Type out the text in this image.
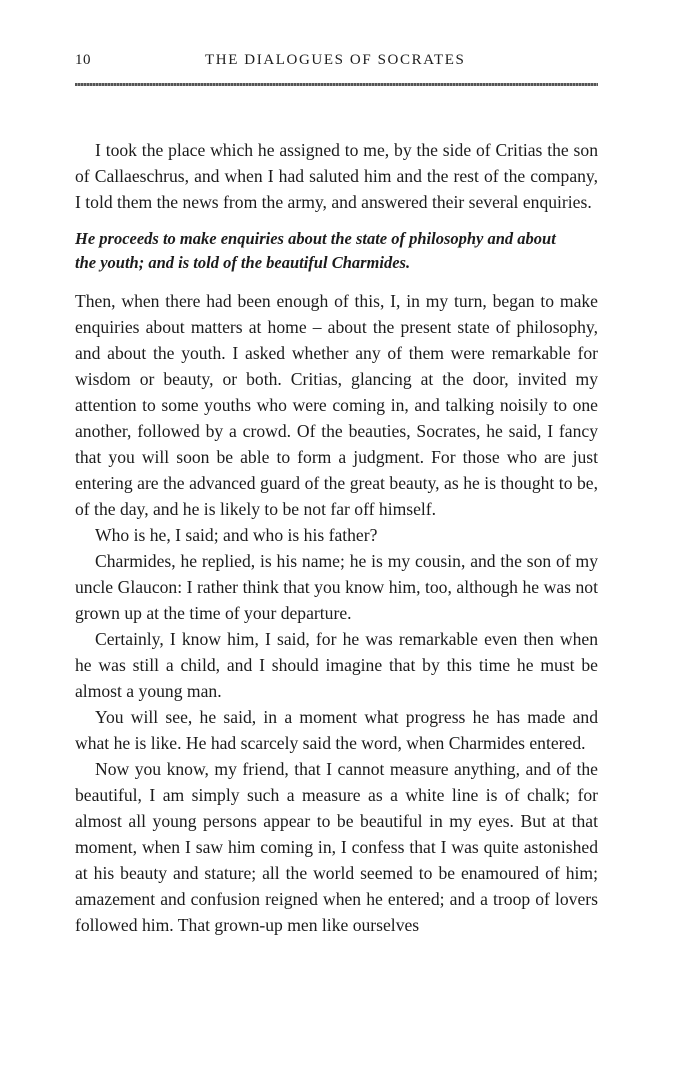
10	THE DIALOGUES OF SOCRATES

I took the place which he assigned to me, by the side of Critias the son of Callaeschrus, and when I had saluted him and the rest of the company, I told them the news from the army, and answered their several enquiries.

He proceeds to make enquiries about the state of philosophy and about the youth; and is told of the beautiful Charmides.

Then, when there had been enough of this, I, in my turn, began to make enquiries about matters at home – about the present state of philosophy, and about the youth. I asked whether any of them were remarkable for wisdom or beauty, or both. Critias, glancing at the door, invited my attention to some youths who were coming in, and talking noisily to one another, followed by a crowd. Of the beauties, Socrates, he said, I fancy that you will soon be able to form a judgment. For those who are just entering are the advanced guard of the great beauty, as he is thought to be, of the day, and he is likely to be not far off himself.

Who is he, I said; and who is his father?

Charmides, he replied, is his name; he is my cousin, and the son of my uncle Glaucon: I rather think that you know him, too, although he was not grown up at the time of your departure.

Certainly, I know him, I said, for he was remarkable even then when he was still a child, and I should imagine that by this time he must be almost a young man.

You will see, he said, in a moment what progress he has made and what he is like. He had scarcely said the word, when Charmides entered.

Now you know, my friend, that I cannot measure anything, and of the beautiful, I am simply such a measure as a white line is of chalk; for almost all young persons appear to be beautiful in my eyes. But at that moment, when I saw him coming in, I confess that I was quite astonished at his beauty and stature; all the world seemed to be enamoured of him; amazement and confusion reigned when he entered; and a troop of lovers followed him. That grown-up men like ourselves
